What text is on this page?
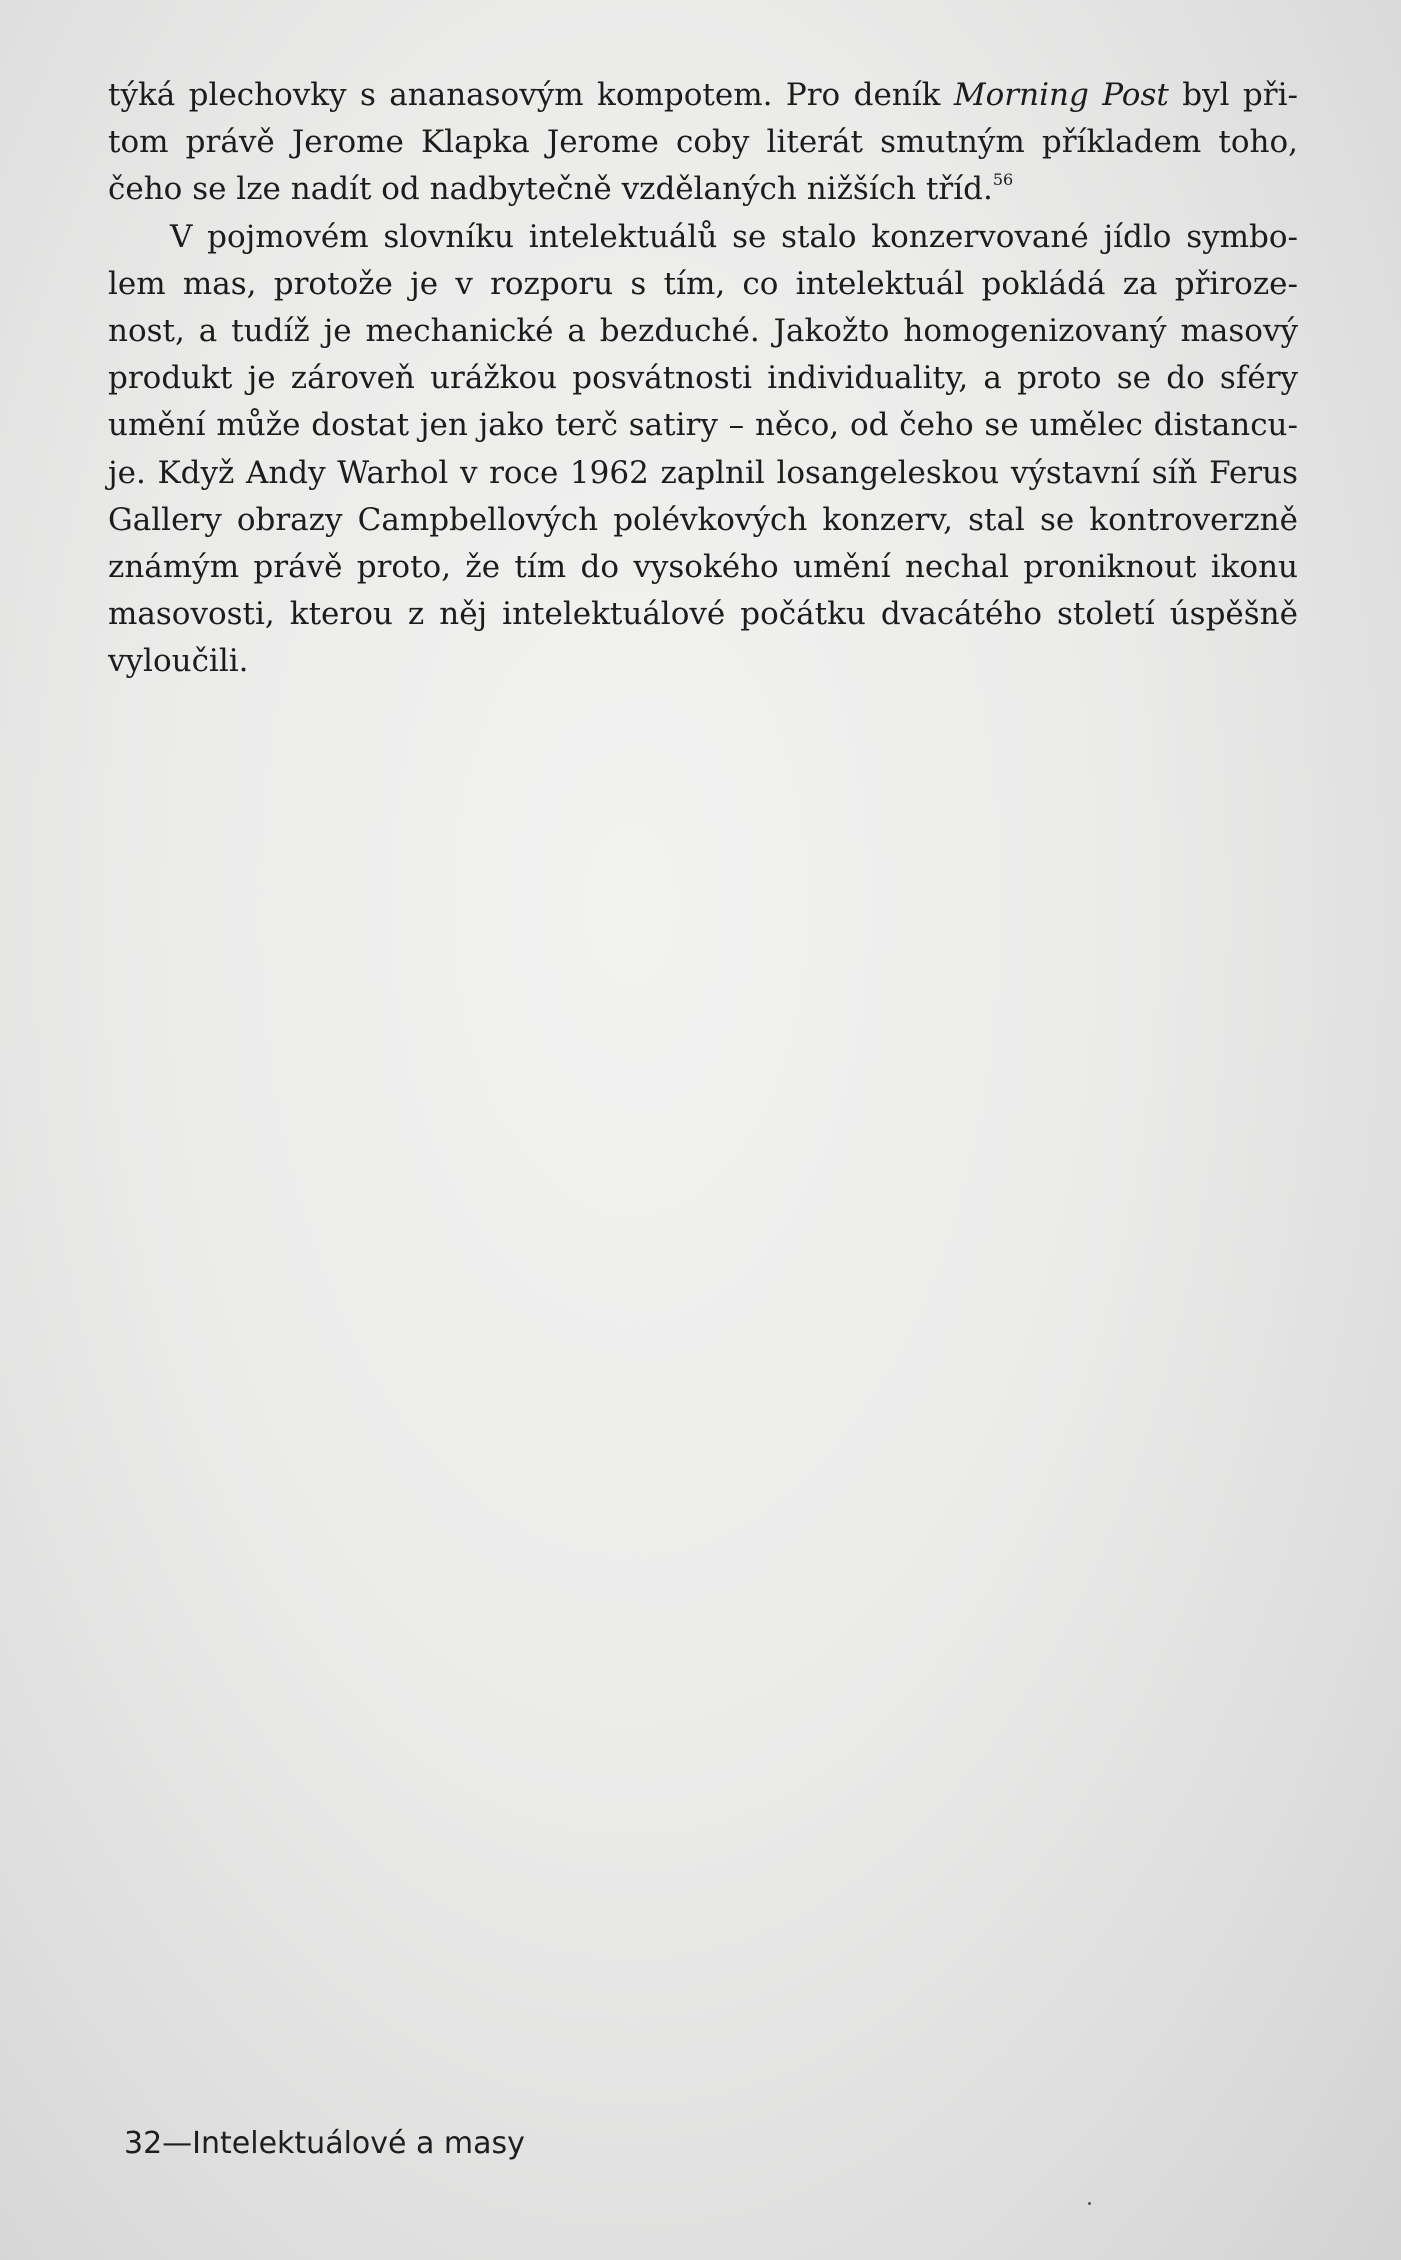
týká plechovky s ananasovým kompotem. Pro deník Morning Post byl při-
tom právě Jerome Klapka Jerome coby literát smutným příkladem toho,
čeho se lze nadít od nadbytečně vzdělaných nižších tříd.$^{56}$
V pojmovém slovníku intelektuálů se stalo konzervované jídlo symbo-
lem mas, protože je v rozporu s tím, co intelektuál pokládá za přiroze-
nost, a tudíž je mechanické a bezduché. Jakožto homogenizovaný masový
produkt je zároveň urážkou posvátnosti individuality, a proto se do sféry
umění může dostat jen jako terč satiry – něco, od čeho se umělec distancu-
je. Když Andy Warhol v roce 1962 zaplnil losangeleskou výstavní síň Ferus
Gallery obrazy Campbellových polévkových konzerv, stal se kontroverzně
známým právě proto, že tím do vysokého umění nechal proniknout ikonu
masovosti, kterou z něj intelektuálové počátku dvacátého století úspěšně
vyloučili.
32—Intelektuálové a masy
